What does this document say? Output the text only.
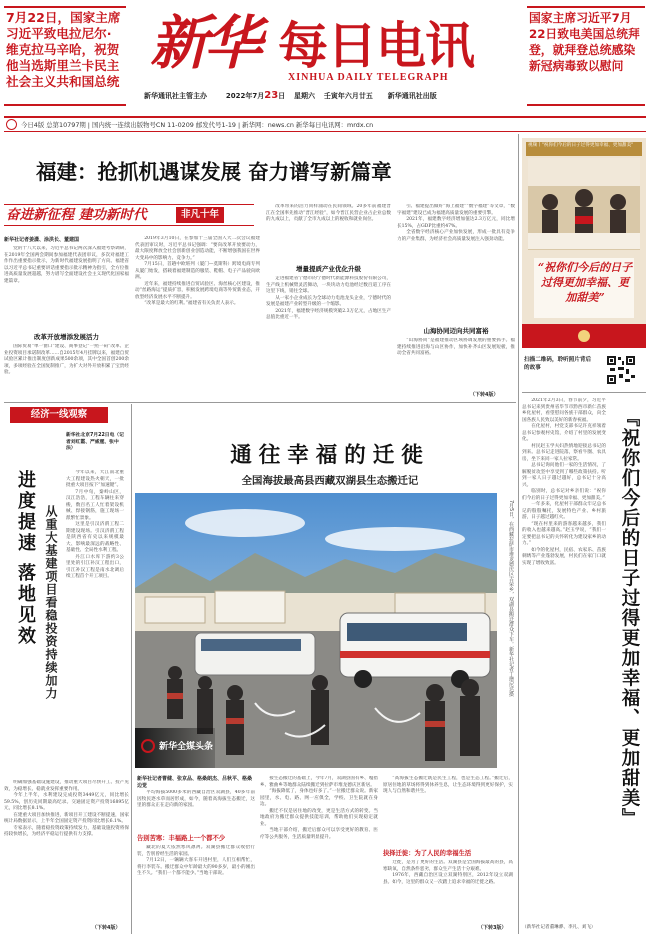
7月22日，国家主席习近平致电拉尼尔·维克拉马辛哈，祝贺他当选斯里兰卡民主社会主义共和国总统
新华 每日电讯
XINHUA DAILY TELEGRAPH
新华通讯社主管主办	2022年7月23日 星期六 壬寅年六月廿五 新华通讯社出版
国家主席习近平7月22日致电美国总统拜登，就拜登总统感染新冠病毒致以慰问
今日4版 总第10797期 | 国内统一连续出版物号CN 11-0209 邮发代号1-19 | 新华网：news.cn 新华每日电讯网：mrdx.cn
福建：抢抓机遇谋发展 奋力谱写新篇章
奋进新征程 建功新时代	非凡十年
新华社记者姜潇、涂洪长、董建国

党的十八大以来，习近平总书记两次深入福建考察调研，在2019年全国两会期间参加福建代表团审议，多次对福建工作作出重要指示批示，为新时代福建发展指明了方向。福建省以习近平总书记重要讲话重要指示批示精神为指引，全方位推进高质量发展超越，努力谱写全面建设社会主义现代化国家福建篇章。

改革开放增添发展活力

国际贸易“单一窗口”建设、商事登记“一照一码”改革、企业投资项目承诺制改革……自2015年4月挂牌以来，福建自贸试验区累计推出制度创新成果500余项，其中全国首创200余项，多项经验在全国复制推广，为扩大对外开放积累了宝贵经验。

2019年3月10日，在参加十三届全国人大二次会议福建代表团审议时，习近平总书记强调：“要向改革开放要动力，最大限度释放全社会创新创业创造动能，不断增强我国在世界大变局中的影响力、竞争力。”

7月15日，首趟中欧班列（厦门—莫斯科）跨境电商专列从厦门始发，搭载着福建制造的服装、鞋帽、电子产品驶向欧洲。

近年来，福建持续推进自贸试验区、海丝核心区建设，推动“丝路海运”提质扩容，积极发展跨境电商等外贸新业态，开放型经济发展水平不断提升。

“改革是最大的红利。”福建省有关负责人表示。

改革带来的活力同样涌动在民间领域。20多年前福建晋江在全国率先推动“晋江经验”，如今晋江民营企业占企业总数的九成以上，贡献了全市九成以上的税收和就业岗位。

增量提质产业优化升级

走进福建省宁德市的宁德时代新能源科技股份有限公司，生产线上机械臂灵活舞动，一块块动力电池经过数百道工序在这里下线，销往全球。

从一家小企业成长为全球动力电池龙头企业，宁德时代的发展是福建产业转型升级的一个缩影。

2021年，福建数字经济规模突破2.3万亿元，占地区生产总值比重近一半。

引、福建提出做好“海上福建”“数字福建”等文章，“数字福建”建设已成为福建高质量发展的重要引擎。

2021年，福建数字经济增加值达2.3万亿元，同比增长15%，占GDP比重约47%。

全省数字经济核心产业加快发展，形成一批具有竞争力的产业集群，为经济社会高质量发展注入强劲动能。

山海协同迈向共同富裕

“山海协同”是福建推动区域协调发展的重要抓手。福建持续推进沿海与山区协作，加快补齐山区发展短板，推动全省共同富裕。

（下转4版）
经济一线观察
进度提速 落地见效 从重大基建项目看稳投资持续加力
新华社北京7月22日电（记者刘红霞、严威霆、张中法）

今年以来，大江南北重大工程建设热火朝天，一批批重大项目按下“加速键”。

7月中旬，秦岭山区，汉江浩浩，工程车辆往来穿梭，数百名工人忙着架设机械、焊接钢筋，施工现场一派繁忙景象。

这里是引汉济渭工程二期建设现场。引汉济渭工程是陕西省有史以来规模最大、影响最深远的战略性、基础性、全局性水利工程。

丹江口水库下游约3公里处的引江补汉工程出口，引江补汉工程是南水北调后续工程首个开工项目。

明确加强基础设施建设，推动重大项目尽快开工、投产见效，为稳增长、稳就业发挥重要作用。

今年上半年，水利建设完成投资3449亿元，同比增长59.5%，创历史同期最高纪录。交通固定资产投资16895亿元，同比增长8.1%。

在建重大项目加快推进，新项目开工建设不断提速，国家统计局数据显示，上半年全国固定资产投资同比增长6.1%。

专家表示，随着稳投资政策持续发力，基础设施投资将保持较快增长，为经济平稳运行提供有力支撑。

（下转4版）
通往幸福的迁徙
全国海拔最高县西藏双湖县生态搬迁记
新华全媒头条
7月5日，在西藏拉萨市堆龙德庆区古荣乡，双湖县搬迁群众下车。新华社记者丁增尼达摄
新华社记者曹健、张京品、格桑朗杰、吕秋平、格桑边觉

平均海拔5000多米的西藏自治区双湖县，40多年前因牧民逐水草而居形成，如今，随着高海拔生态搬迁，这里的群众正在走向新的家园。

告别苦寒：丰福路上一个都不少

藏北的夏天依然寒风凛冽。双湖县搬迁群众收拾行装，告别曾经生活的家园。

7月12日，一辆辆大客车开进村里，人们互相帮忙，将行李装车。搬迁群众中年龄最大的90多岁，最小的刚出生不久。“我们一个都不能少。”当地干部说。

接生态搬迁的基础上，今年7月，双湖县国有乡、嘎措乡、雅曲乡等地群众陆续搬迁到拉萨市堆龙德庆区新居。

“海拔降低了，身体也好多了。”一位搬迁群众说。新家园里，水、电、路、网一应俱全，学校、卫生院就在身边。

搬迁不仅是居住地的改变，更是生活方式的转变。当地政府为搬迁群众提供技能培训，帮助他们实现稳定就业。

当地干部介绍，搬迁后群众可以享受更好的教育、医疗等公共服务，生活质量明显提升。

“高海拔生态搬迁既是民生工程，也是生态工程。”搬迁后，原居住地的草场将得到休养生息，让生态环境得到更好保护，实现人与自然和谐共生。

抉择迁徙：为了人民的幸福生活

迁徙，是为了更好的生活。双湖县是全国海拔最高的县，高寒缺氧，自然条件恶劣，群众生产生活十分艰难。

1976年，西藏自治区设立双湖特别区，2012年设立双湖县。如今，这里的群众又一次踏上追求幸福的迁徙之路。

（下转3版）
“祝你们今后的日子过得更加幸福、更加甜美”
视频丨"祝你们今后的日子过得更加幸福、更加甜美"
扫描二维码，聆听照片背后的故事
『祝你们今后的日子过得更加幸福、更加甜美』

2021年2月3日，春节前夕，习近平总书记来到贵州省毕节市黔西市新仁苗族乡化屋村，看望慰问各族干部群众，向全国各族人民致以美好的新春祝福。

在化屋村，村党支部书记许克祥领着总书记参观村史馆，介绍了村里的发展变化。

村民赵玉学夫妇热情地迎接总书记的到来。总书记走进院落，察看牛圈、农具房，坐下来同一家人拉家常。

总书记询问他们一家的生活情况，了解脱贫攻坚中享受到了哪些政策扶持。听到一家人日子越过越好，总书记十分高兴。

临别时，总书记对乡亲们说：“祝你们今后的日子过得更加幸福、更加甜美。”

一年多来，化屋村干部群众牢记总书记的殷殷嘱托，发展特色产业、乡村旅游，日子越过越红火。

“现在村里来的游客越来越多，我们的收入也越来越高。”赵玉学说，“我们一定要把总书记的关怀转化为建设家乡的动力。”

如今的化屋村，民宿、农家乐、苗族刺绣等产业蓬勃发展，村民们在家门口就实现了增收致富。

（新华社记者董琳骅、李凡、刘飞）
